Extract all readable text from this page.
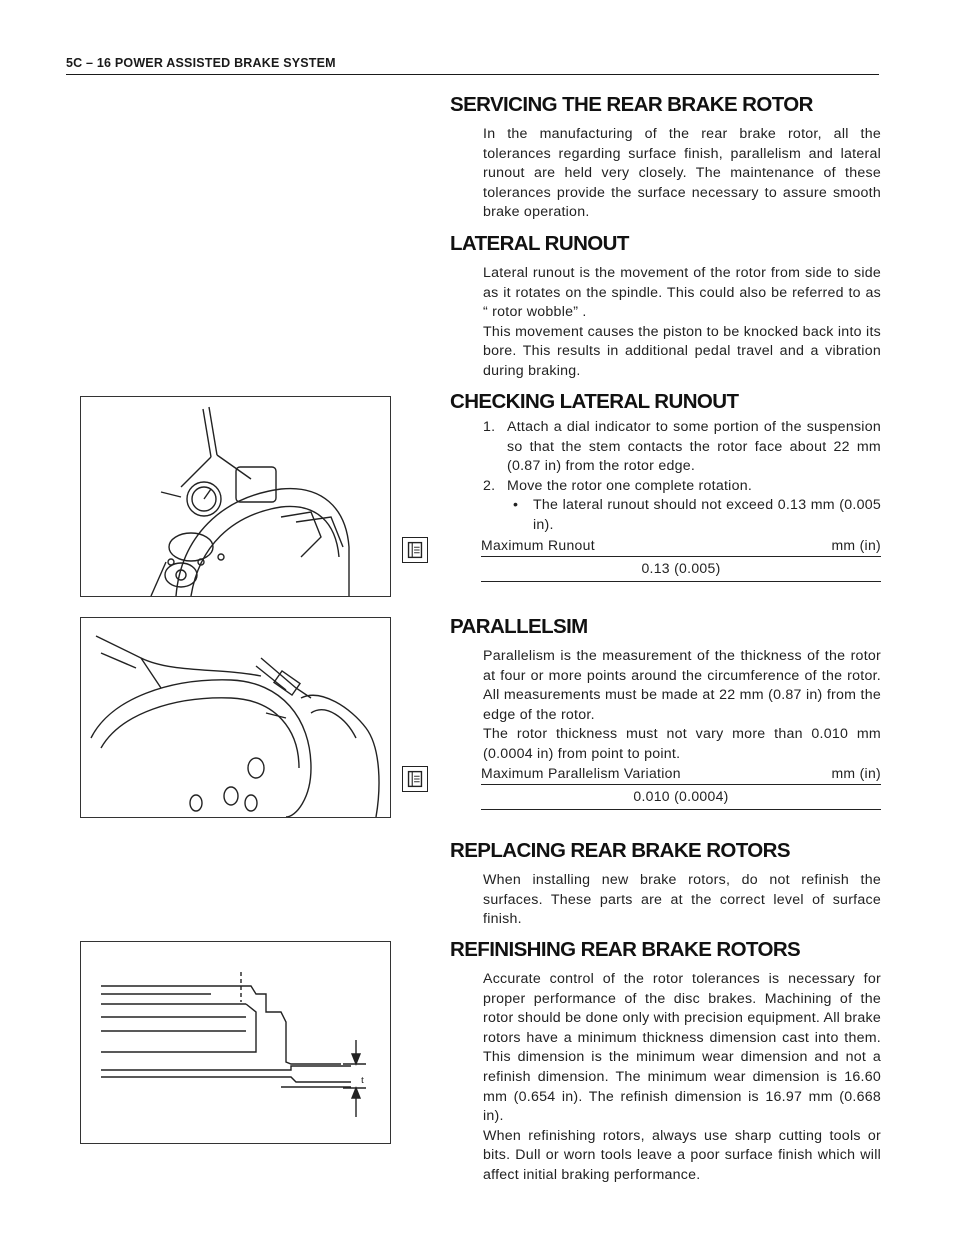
5C – 16 POWER ASSISTED BRAKE SYSTEM
SERVICING THE REAR BRAKE ROTOR

In the manufacturing of the rear brake rotor, all the tolerances regarding surface finish, parallelism and lateral runout are held very closely. The maintenance of these tolerances provide the surface necessary to assure smooth brake operation.

LATERAL RUNOUT

Lateral runout is the movement of the rotor from side to side as it rotates on the spindle. This could also be referred to as “ rotor wobble” .

This movement causes the piston to be knocked back into its bore. This results in additional pedal travel and a vibration during braking.

CHECKING LATERAL RUNOUT
1. Attach a dial indicator to some portion of the suspension so that the stem contacts the rotor face about 22 mm (0.87 in) from the rotor edge.
2. Move the rotor one complete rotation.
• The lateral runout should not exceed 0.13 mm (0.005 in).
Maximum Runout	mm (in)
0.13 (0.005)
PARALLELSIM

Parallelism is the measurement of the thickness of the rotor at four or more points around the circumference of the rotor. All measurements must be made at 22 mm (0.87 in) from the edge of the rotor.

The rotor thickness must not vary more than 0.010 mm (0.0004 in) from point to point.

Maximum Parallelism Variation	mm (in)
0.010 (0.0004)
REPLACING REAR BRAKE ROTORS

When installing new brake rotors, do not refinish the surfaces. These parts are at the correct level of surface finish.

REFINISHING REAR BRAKE ROTORS

Accurate control of the rotor tolerances is necessary for proper performance of the disc brakes. Machining of the rotor should be done only with precision equipment. All brake rotors have a minimum thickness dimension cast into them. This dimension is the minimum wear dimension and not a refinish dimension. The minimum wear dimension is 16.60 mm (0.654 in). The refinish dimension is 16.97 mm (0.668 in).

When refinishing rotors, always use sharp cutting tools or bits. Dull or worn tools leave a poor surface finish which will affect initial braking performance.

t
